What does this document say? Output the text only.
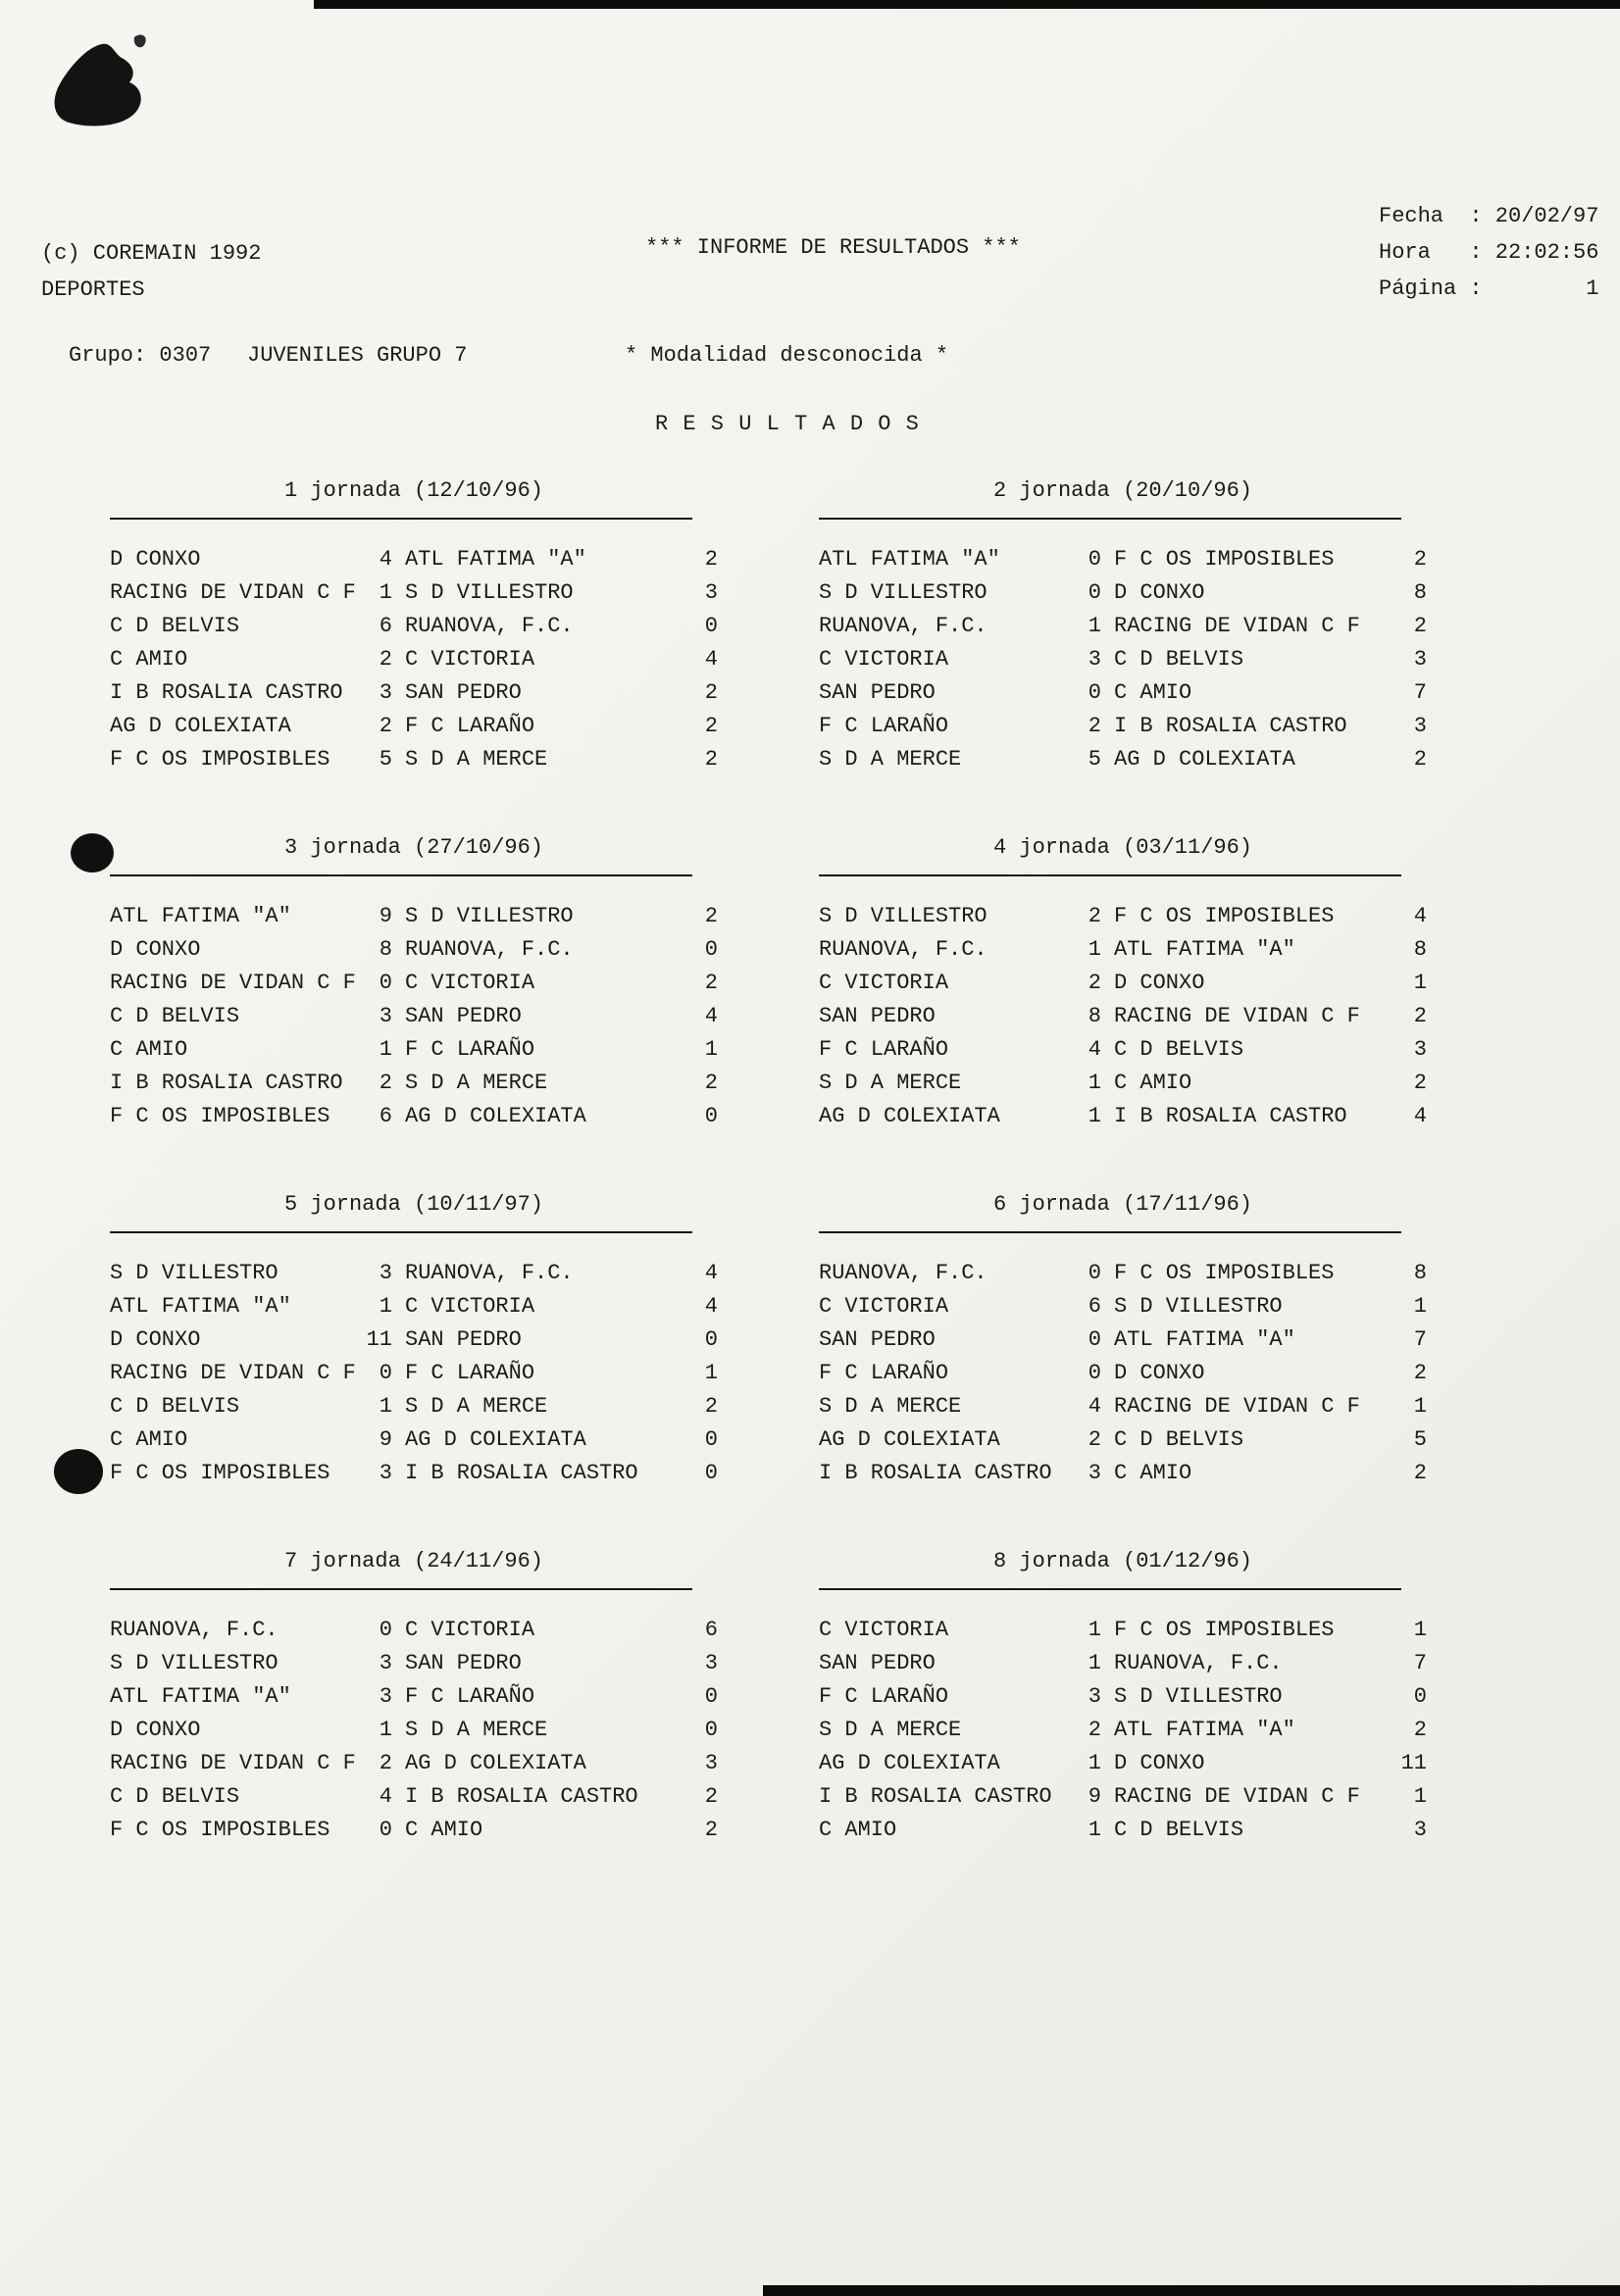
(c) COREMAIN 1992
DEPORTES
*** INFORME DE RESULTADOS ***
Fecha	: 20/02/97
Hora	: 22:02:56
Página :	1
Grupo: 0307 JUVENILES GRUPO 7	* Modalidad desconocida *
R E S U L T A D O S
1 jornada (12/10/96)
D CONXO	4 ATL FATIMA "A"	2
RACING DE VIDAN C F	1 S D VILLESTRO	3
C D BELVIS	6 RUANOVA, F.C.	0
C AMIO	2 C VICTORIA	4
I B ROSALIA CASTRO	3 SAN PEDRO	2
AG D COLEXIATA	2 F C LARAÑO	2
F C OS IMPOSIBLES	5 S D A MERCE	2
2 jornada (20/10/96)
ATL FATIMA "A"	0 F C OS IMPOSIBLES	2
S D VILLESTRO	0 D CONXO	8
RUANOVA, F.C.	1 RACING DE VIDAN C F	2
C VICTORIA	3 C D BELVIS	3
SAN PEDRO	0 C AMIO	7
F C LARAÑO	2 I B ROSALIA CASTRO	3
S D A MERCE	5 AG D COLEXIATA	2
3 jornada (27/10/96)
ATL FATIMA "A"	9 S D VILLESTRO	2
D CONXO	8 RUANOVA, F.C.	0
RACING DE VIDAN C F	0 C VICTORIA	2
C D BELVIS	3 SAN PEDRO	4
C AMIO	1 F C LARAÑO	1
I B ROSALIA CASTRO	2 S D A MERCE	2
F C OS IMPOSIBLES	6 AG D COLEXIATA	0
4 jornada (03/11/96)
S D VILLESTRO	2 F C OS IMPOSIBLES	4
RUANOVA, F.C.	1 ATL FATIMA "A"	8
C VICTORIA	2 D CONXO	1
SAN PEDRO	8 RACING DE VIDAN C F	2
F C LARAÑO	4 C D BELVIS	3
S D A MERCE	1 C AMIO	2
AG D COLEXIATA	1 I B ROSALIA CASTRO	4
5 jornada (10/11/97)
S D VILLESTRO	3 RUANOVA, F.C.	4
ATL FATIMA "A"	1 C VICTORIA	4
D CONXO	11 SAN PEDRO	0
RACING DE VIDAN C F	0 F C LARAÑO	1
C D BELVIS	1 S D A MERCE	2
C AMIO	9 AG D COLEXIATA	0
F C OS IMPOSIBLES	3 I B ROSALIA CASTRO	0
6 jornada (17/11/96)
RUANOVA, F.C.	0 F C OS IMPOSIBLES	8
C VICTORIA	6 S D VILLESTRO	1
SAN PEDRO	0 ATL FATIMA "A"	7
F C LARAÑO	0 D CONXO	2
S D A MERCE	4 RACING DE VIDAN C F	1
AG D COLEXIATA	2 C D BELVIS	5
I B ROSALIA CASTRO	3 C AMIO	2
7 jornada (24/11/96)
RUANOVA, F.C.	0 C VICTORIA	6
S D VILLESTRO	3 SAN PEDRO	3
ATL FATIMA "A"	3 F C LARAÑO	0
D CONXO	1 S D A MERCE	0
RACING DE VIDAN C F	2 AG D COLEXIATA	3
C D BELVIS	4 I B ROSALIA CASTRO	2
F C OS IMPOSIBLES	0 C AMIO	2
8 jornada (01/12/96)
C VICTORIA	1 F C OS IMPOSIBLES	1
SAN PEDRO	1 RUANOVA, F.C.	7
F C LARAÑO	3 S D VILLESTRO	0
S D A MERCE	2 ATL FATIMA "A"	2
AG D COLEXIATA	1 D CONXO	11
I B ROSALIA CASTRO	9 RACING DE VIDAN C F	1
C AMIO	1 C D BELVIS	3
